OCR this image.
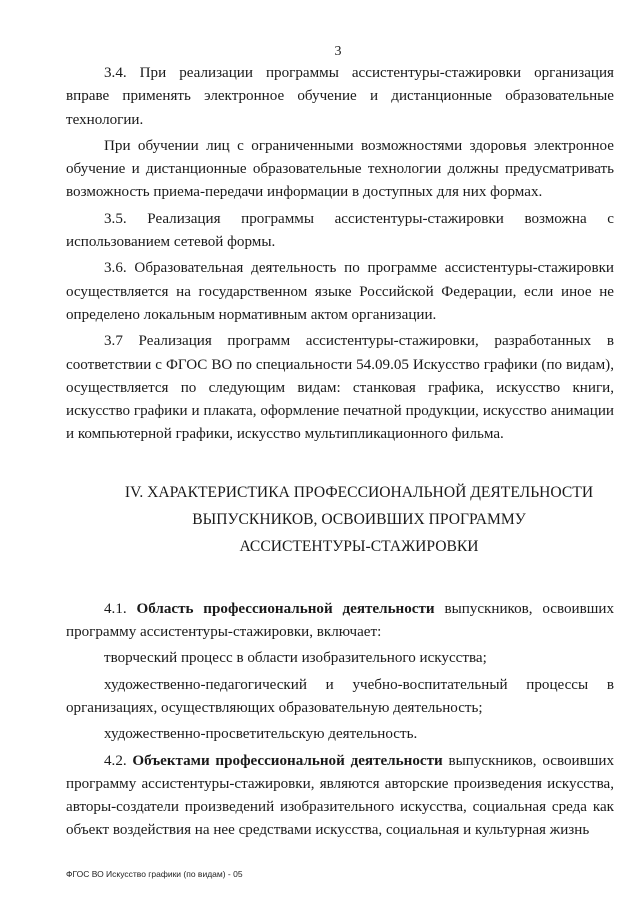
3

3.4. При реализации программы ассистентуры-стажировки организация вправе применять электронное обучение и дистанционные образовательные технологии.

При обучении лиц с ограниченными возможностями здоровья электронное обучение и дистанционные образовательные технологии должны предусматривать возможность приема-передачи информации в доступных для них формах.

3.5. Реализация программы ассистентуры-стажировки возможна с использованием сетевой формы.

3.6. Образовательная деятельность по программе ассистентуры-стажировки осуществляется на государственном языке Российской Федерации, если иное не определено локальным нормативным актом организации.

3.7 Реализация программ ассистентуры-стажировки, разработанных в соответствии с ФГОС ВО по специальности 54.09.05 Искусство графики (по видам), осуществляется по следующим видам: станковая графика, искусство книги, искусство графики и плаката, оформление печатной продукции, искусство анимации и компьютерной графики, искусство мультипликационного фильма.

IV. ХАРАКТЕРИСТИКА ПРОФЕССИОНАЛЬНОЙ ДЕЯТЕЛЬНОСТИ
ВЫПУСКНИКОВ, ОСВОИВШИХ ПРОГРАММУ
АССИСТЕНТУРЫ-СТАЖИРОВКИ

4.1. Область профессиональной деятельности выпускников, освоивших программу ассистентуры-стажировки, включает:

творческий процесс в области изобразительного искусства;

художественно-педагогический и учебно-воспитательный процессы в организациях, осуществляющих образовательную деятельность;

художественно-просветительскую деятельность.

4.2. Объектами профессиональной деятельности выпускников, освоивших программу ассистентуры-стажировки, являются авторские произведения искусства, авторы-создатели произведений изобразительного искусства, социальная среда как объект воздействия на нее средствами искусства, социальная и культурная жизнь

ФГОС ВО Искусство графики (по видам) - 05
